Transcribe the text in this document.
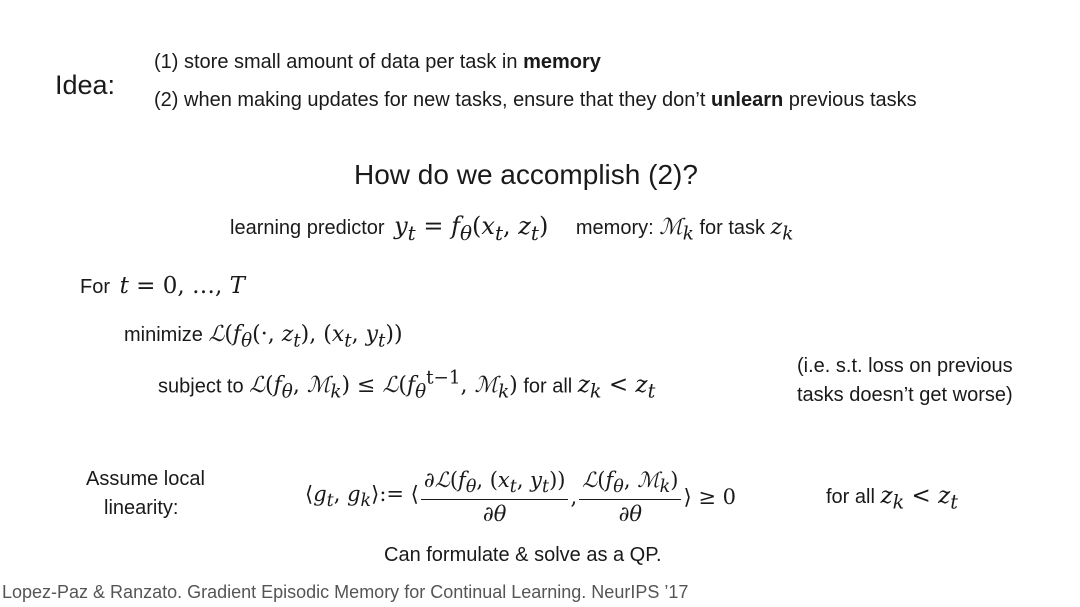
Idea:
(1) store small amount of data per task in memory
(2) when making updates for new tasks, ensure that they don’t unlearn previous tasks
How do we accomplish (2)?
learning predictor $y_t = f_\theta(x_t$, $z_t$) memory: ℳ$_k$ for task $z_k$
For t = 0, …, T
minimize $ℒ(f_\theta(\cdot$, $z_t$), ($x_t$, $y_t$))
subject to $ℒ(f_\theta$, ℳ$_k$) ≤ $ℒ(f_\theta^{t-1}$, ℳ$_k$) for all $z_k < z_t$
(i.e. s.t. loss on previous
tasks doesn’t get worse)
Assume local
linearity:
$⟨g_t$, $g_k⟩:=$ ⟨ $\frac{\partial ℒ(f_\theta, (x_t, y_t))}{\partial\theta}$ , $\frac{ℒ(f_\theta, ℳ_k)}{\partial\theta}$ ⟩ ≥ 0	for all $z_k < z_t$
Can formulate & solve as a QP.
Lopez-Paz & Ranzato. Gradient Episodic Memory for Continual Learning. NeurIPS ’17
